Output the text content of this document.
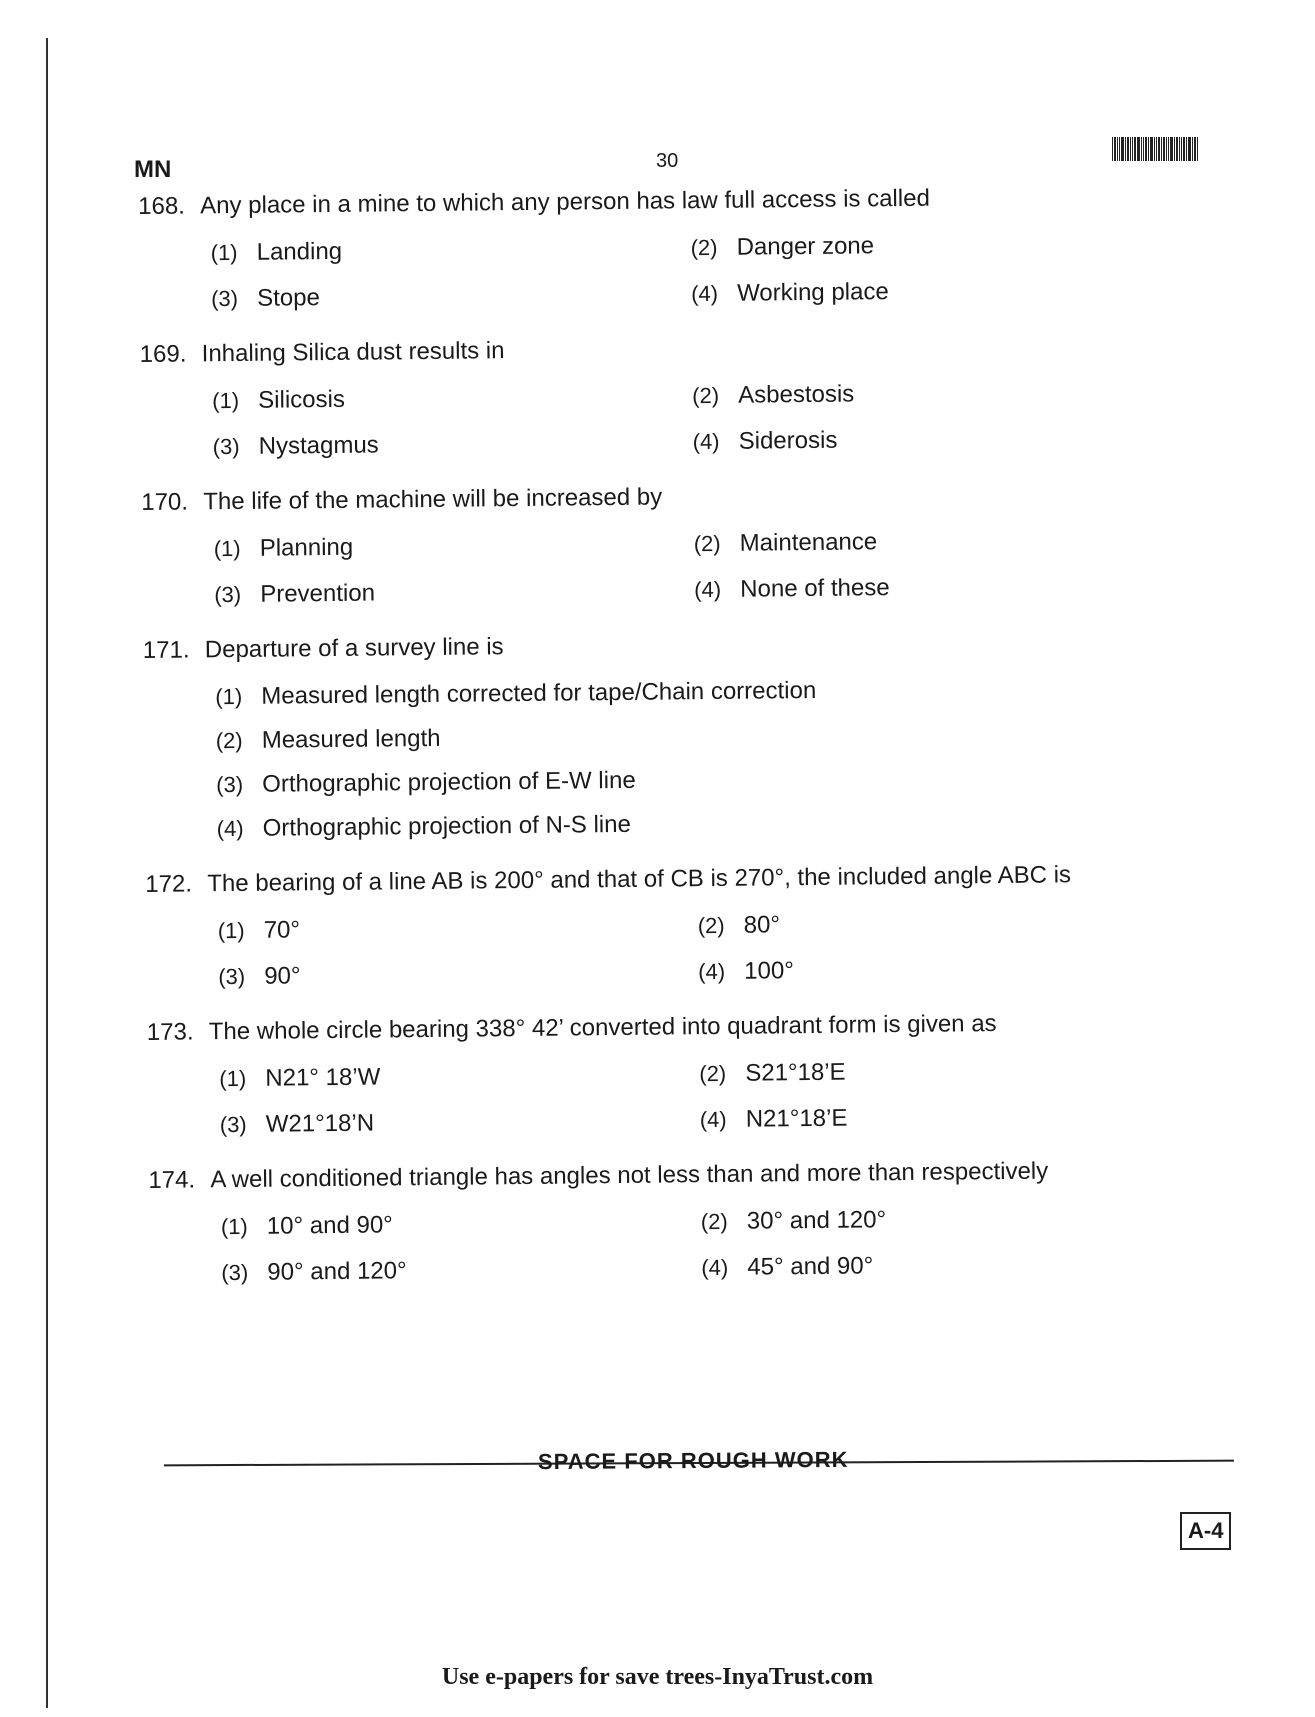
MN	30
168. Any place in a mine to which any person has law full access is called
(1) Landing	(2) Danger zone
(3) Stope	(4) Working place
169. Inhaling Silica dust results in
(1) Silicosis	(2) Asbestosis
(3) Nystagmus	(4) Siderosis
170. The life of the machine will be increased by
(1) Planning	(2) Maintenance
(3) Prevention	(4) None of these
171. Departure of a survey line is
(1) Measured length corrected for tape/Chain correction
(2) Measured length
(3) Orthographic projection of E-W line
(4) Orthographic projection of N-S line
172. The bearing of a line AB is 200° and that of CB is 270°, the included angle ABC is
(1) 70°	(2) 80°
(3) 90°	(4) 100°
173. The whole circle bearing 338° 42’ converted into quadrant form is given as
(1) N21° 18’W	(2) S21°18’E
(3) W21°18’N	(4) N21°18’E
174. A well conditioned triangle has angles not less than and more than respectively
(1) 10° and 90°	(2) 30° and 120°
(3) 90° and 120°	(4) 45° and 90°
SPACE FOR ROUGH WORK
A-4
Use e-papers for save trees-InyaTrust.com
